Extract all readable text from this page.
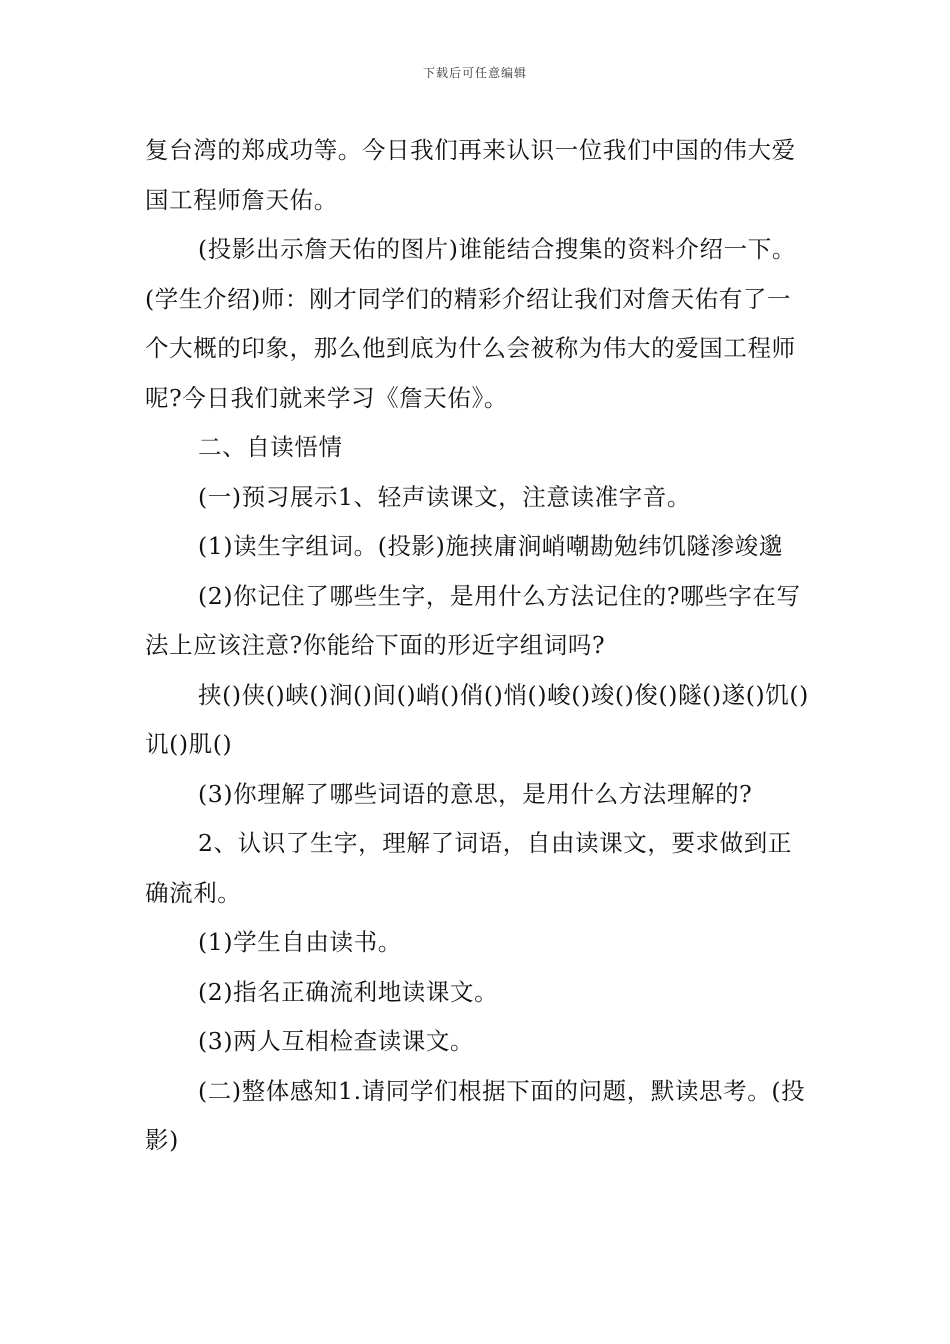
下载后可任意编辑

复台湾的郑成功等。今日我们再来认识一位我们中国的伟大爱国工程师詹天佑。

(投影出示詹天佑的图片)谁能结合搜集的资料介绍一下。(学生介绍)师：刚才同学们的精彩介绍让我们对詹天佑有了一个大概的印象，那么他到底为什么会被称为伟大的爱国工程师呢?今日我们就来学习《詹天佑》。

二、自读悟情

(一)预习展示1、轻声读课文，注意读准字音。

(1)读生字组词。(投影)施挟庸涧峭嘲勘勉纬饥隧渗竣邈

(2)你记住了哪些生字，是用什么方法记住的?哪些字在写法上应该注意?你能给下面的形近字组词吗?

挟()侠()峡()涧()间()峭()俏()悄()峻()竣()俊()隧()遂()饥()讥()肌()

(3)你理解了哪些词语的意思，是用什么方法理解的?

2、认识了生字，理解了词语，自由读课文，要求做到正确流利。

(1)学生自由读书。

(2)指名正确流利地读课文。

(3)两人互相检查读课文。

(二)整体感知1.请同学们根据下面的问题，默读思考。(投影)
